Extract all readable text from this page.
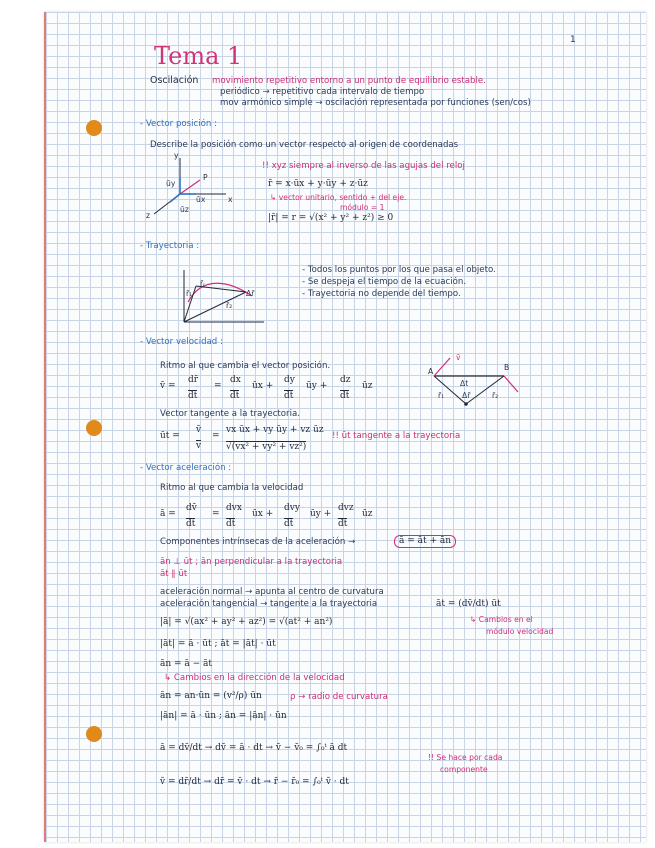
1
Tema 1
Oscilación movimiento repetitivo entorno a un punto de equilibrio estable.
periódico → repetitivo cada intervalo de tiempo
mov armónico simple → oscilación representada por funciones (sen/cos)
- Vector posición :
Describe la posición como un vector respecto al origen de coordenadas
!! xyz siempre al inverso de las agujas del reloj
r̄ = x·ūx + y·ūy + z·ūz
↳ vector unitario, sentido + del eje.
módulo = 1
|r̄| = r = √(x² + y² + z²) ≥ 0
y
x
z
P
ūy
ūx
ūz
- Trayectoria :
- Todos los puntos por los que pasa el objeto.
- Se despeja el tiempo de la ecuación.
- Trayectoria no depende del tiempo.
r̄₁
r̄₂
r̄ᵣ
Δr̄
- Vector velocidad :
Ritmo al que cambia el vector posición.
v̄ =
dr̄
dt
=
dx
dt
ūx +
dy
dt
ūy +
dz
dt
ūz
A	B
v̄
r̄₁	r̄₂
Δt
Δr̄
Vector tangente a la trayectoria.
ūt =
v̄
v
=
vx ūx + vy ūy + vz ūz
√(vx² + vy² + vz²)
!! ūt tangente a la trayectoria
- Vector aceleración :
Ritmo al que cambia la velocidad
ā =
dv̄
dt
=
dvx
dt
ūx +
dvy
dt
ūy +
dvz
dt
ūz
Componentes intrínsecas de la aceleración →	ā = āt + ān
ān ⊥ ūt ; ān perpendicular a la trayectoria
āt ∥ ūt
aceleración normal → apunta al centro de curvatura
aceleración tangencial → tangente a la trayectoria	āt = (dv̄/dt) ūt
↳ Cambios en el
módulo velocidad
|ā| = √(ax² + ay² + az²) = √(at² + an²)
|āt| = ā · ūt ; āt = |āt| · ūt
ān = ā − āt
↳ Cambios en la dirección de la velocidad
ān = an·ūn = (v²/ρ) ūn	ρ → radio de curvatura
|ān| = ā · ūn ; ān = |ān| · ūn
ā = dv̄/dt → dv̄ = ā · dt → v̄ − v̄₀ = ∫₀ᵗ ā dt
v̄ = dr̄/dt → dr̄ = v̄ · dt → r̄ − r̄₀ = ∫₀ᵗ v̄ · dt
!! Se hace por cada
componente
